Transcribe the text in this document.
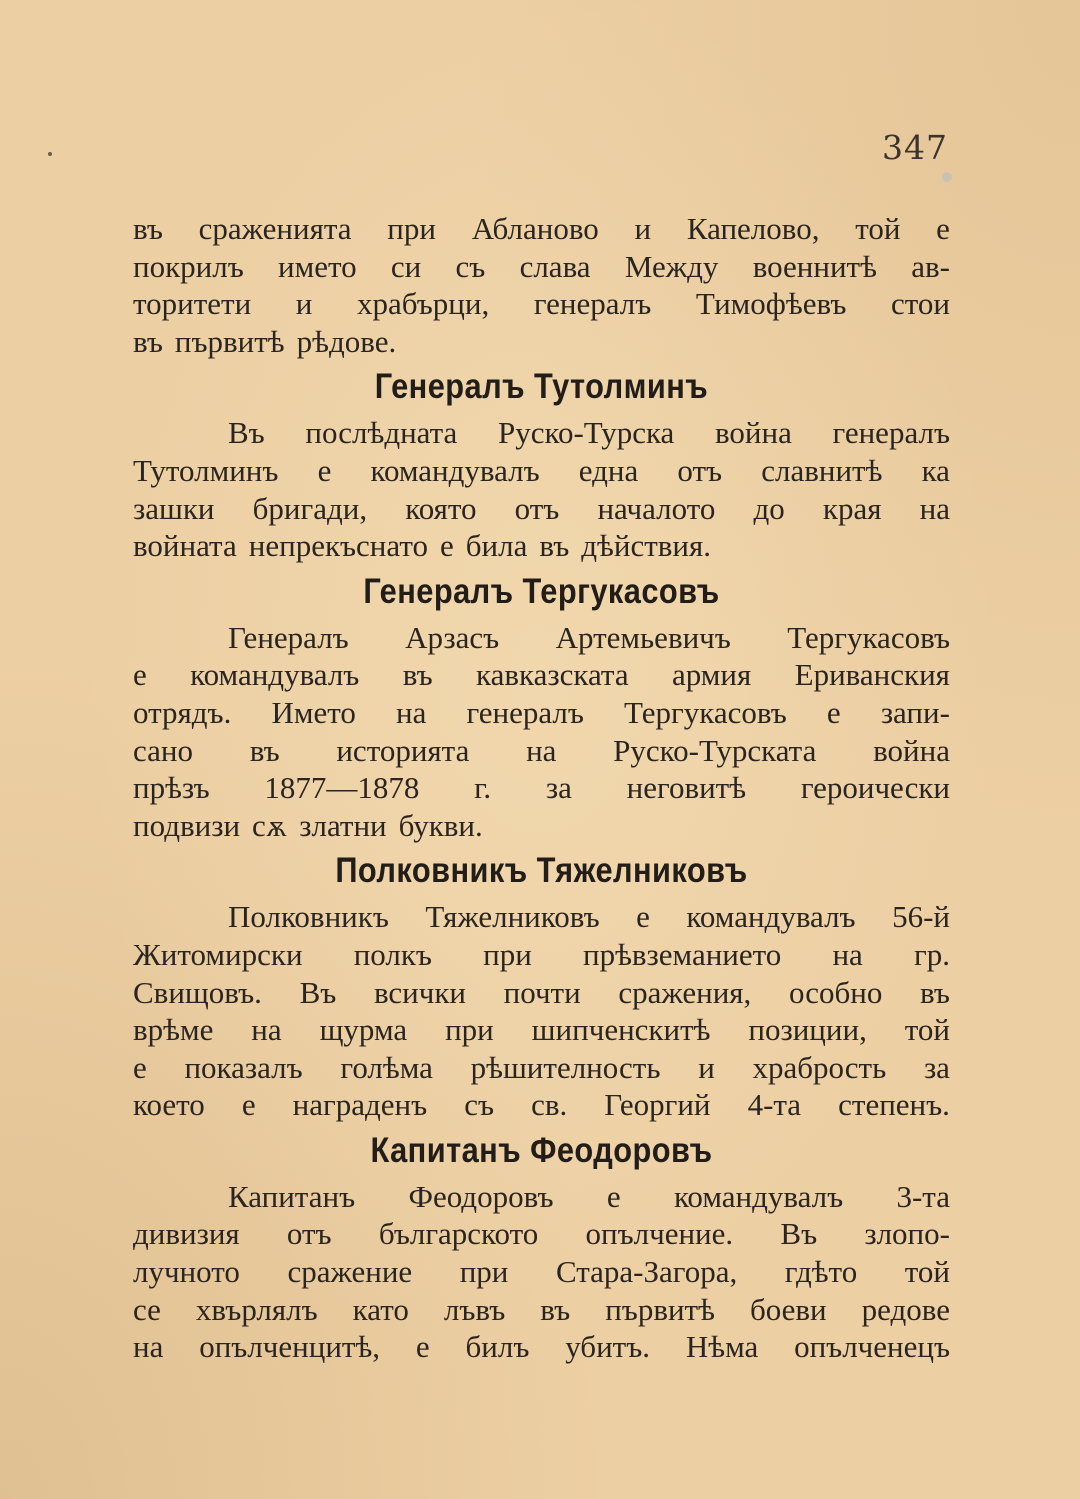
347
въ сраженията при Абланово и Капелово, той е
покрилъ името си съ слава Между военнитѣ ав-
торитети и храбърци, генералъ Тимофѣевъ стои
въ първитѣ рѣдове.
Генералъ Тутолминъ
Въ послѣдната Руско-Турска война генералъ
Тутолминъ е командувалъ една отъ славнитѣ ка
зашки бригади, която отъ началото до края на
войната непрекъснато е била въ дѣйствия.
Генералъ Тергукасовъ
Генералъ Арзасъ Артемьевичъ Тергукасовъ
е командувалъ въ кавказската армия Ериванския
отрядъ. Името на генералъ Тергукасовъ е запи-
сано въ историята на Руско-Турската война
прѣзъ 1877—1878 г. за неговитѣ героически
подвизи сѫ златни букви.
Полковникъ Тяжелниковъ
Полковникъ Тяжелниковъ е командувалъ 56-й
Житомирски полкъ при прѣвземанието на гр.
Свищовъ. Въ всички почти сражения, особно въ
врѣме на щурма при шипченскитѣ позиции, той
е показалъ голѣма рѣшителность и храбрость за
което е награденъ съ св. Георгий 4-та степенъ.
Капитанъ Феодоровъ
Капитанъ Феодоровъ е командувалъ 3-та
дивизия отъ българското опълчение. Въ злопо-
лучното сражение при Стара-Загора, гдѣто той
се хвърлялъ като лъвъ въ първитѣ боеви редове
на опълченцитѣ, е билъ убитъ. Нѣма опълченецъ
